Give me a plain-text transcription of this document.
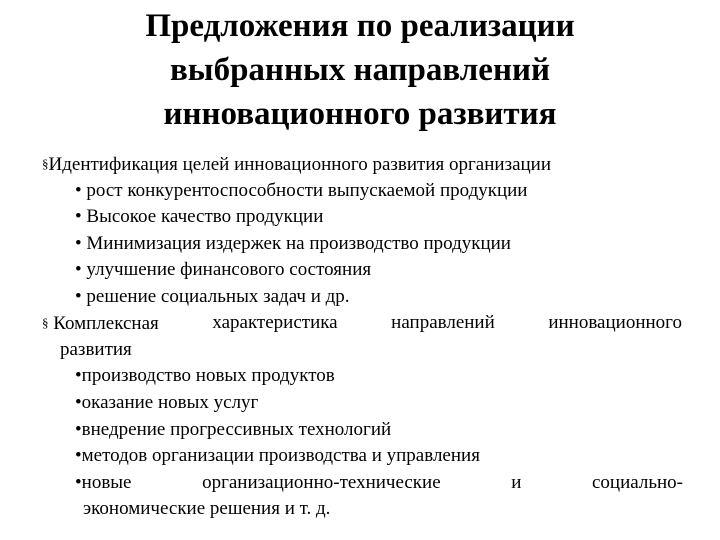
Предложения по реализации
выбранных направлений
инновационного развития
§Идентификация целей инновационного развития организации
• рост конкурентоспособности выпускаемой продукции
• Высокое качество продукции
• Минимизация издержек на производство продукции
• улучшение финансового состояния
• решение социальных задач и др.
§ Комплексная	характеристика	направлений	инновационного
развития
•производство новых продуктов
•оказание новых услуг
•внедрение прогрессивных технологий
•методов организации производства и управления
•новые	организационно-технические	и	социально-
экономические решения и т. д.
